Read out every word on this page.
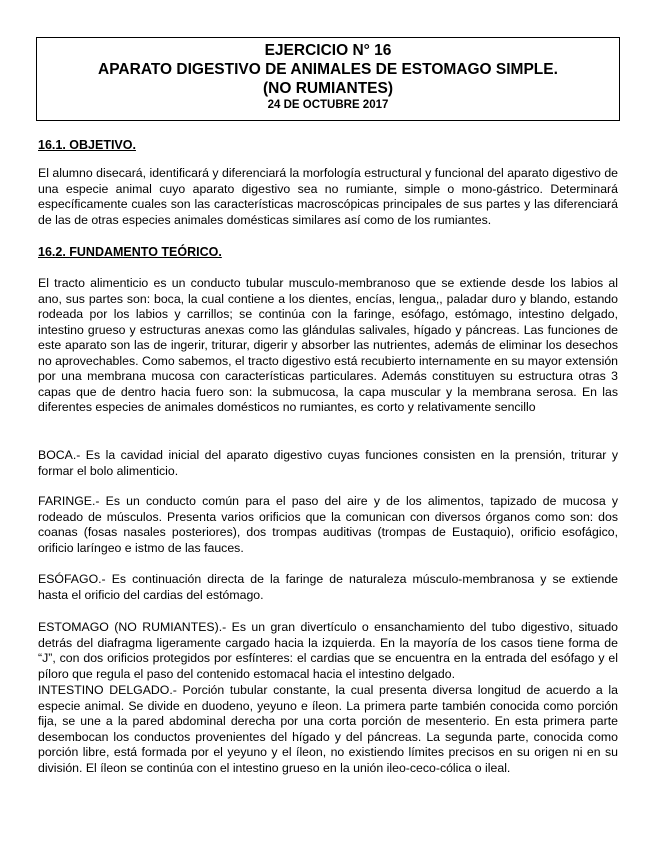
EJERCICIO N° 16
APARATO DIGESTIVO DE ANIMALES DE ESTOMAGO SIMPLE.
(NO RUMIANTES)
24 DE OCTUBRE 2017
16.1. OBJETIVO.

El alumno disecará, identificará y diferenciará la morfología estructural y funcional del aparato digestivo de una especie animal cuyo aparato digestivo sea no rumiante, simple o mono-gástrico. Determinará específicamente cuales son las características macroscópicas principales de sus partes y las diferenciará de las de otras especies animales domésticas similares así como de los rumiantes.

16.2. FUNDAMENTO TEÓRICO.

El tracto alimenticio es un conducto tubular musculo-membranoso que se extiende desde los labios al ano, sus partes son: boca, la cual contiene a los dientes, encías, lengua,, paladar duro y blando, estando rodeada por los labios y carrillos; se continúa con la faringe, esófago, estómago, intestino delgado, intestino grueso y estructuras anexas como las glándulas salivales, hígado y páncreas. Las funciones de este aparato son las de ingerir, triturar, digerir y absorber las nutrientes, además de eliminar los desechos no aprovechables. Como sabemos, el tracto digestivo está recubierto internamente en su mayor extensión por una membrana mucosa con características particulares. Además constituyen su estructura otras 3 capas que de dentro hacia fuero son: la submucosa, la capa muscular y la membrana serosa. En las diferentes especies de animales domésticos no rumiantes, es corto y relativamente sencillo

BOCA.- Es la cavidad inicial del aparato digestivo cuyas funciones consisten en la prensión, triturar y formar el bolo alimenticio.

FARINGE.- Es un conducto común para el paso del aire y de los alimentos, tapizado de mucosa y rodeado de músculos. Presenta varios orificios que la comunican con diversos órganos como son: dos coanas (fosas nasales posteriores), dos trompas auditivas (trompas de Eustaquio), orificio esofágico, orificio laríngeo e istmo de las fauces.

ESÓFAGO.- Es continuación directa de la faringe de naturaleza músculo-membranosa y se extiende hasta el orificio del cardias del estómago.

ESTOMAGO (NO RUMIANTES).- Es un gran divertículo o ensanchamiento del tubo digestivo, situado detrás del diafragma ligeramente cargado hacia la izquierda. En la mayoría de los casos tiene forma de “J”, con dos orificios protegidos por esfínteres: el cardias que se encuentra en la entrada del esófago y el píloro que regula el paso del contenido estomacal hacia el intestino delgado.

INTESTINO DELGADO.- Porción tubular constante, la cual presenta diversa longitud de acuerdo a la especie animal. Se divide en duodeno, yeyuno e íleon. La primera parte también conocida como porción fija, se une a la pared abdominal derecha por una corta porción de mesenterio. En esta primera parte desembocan los conductos provenientes del hígado y del páncreas. La segunda parte, conocida como porción libre, está formada por el yeyuno y el íleon, no existiendo límites precisos en su origen ni en su división. El íleon se continúa con el intestino grueso en la unión ileo-ceco-cólica o ileal.
